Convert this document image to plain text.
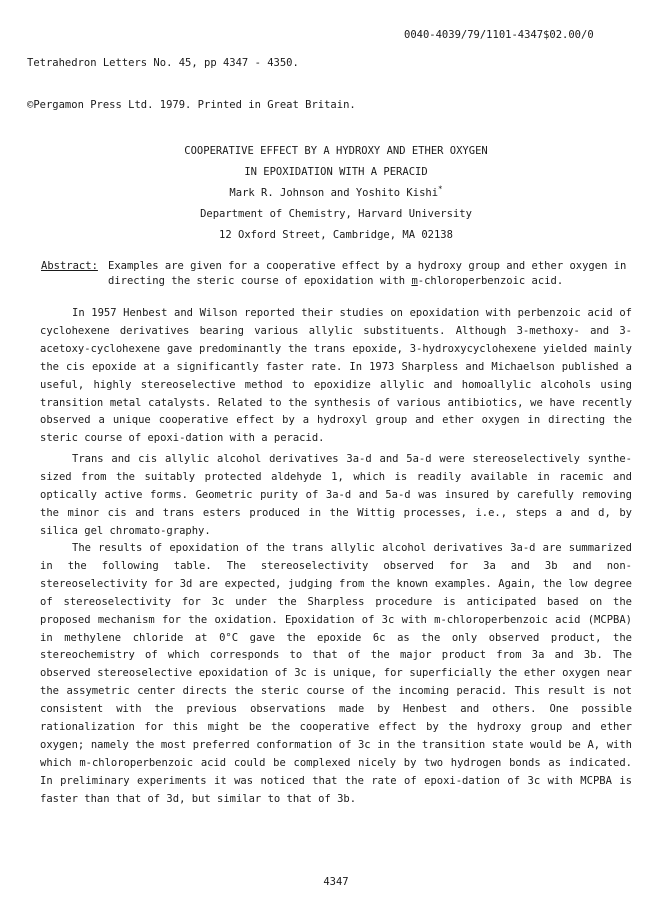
Tetrahedron Letters No. 45, pp 4347 - 4350.

©Pergamon Press Ltd. 1979. Printed in Great Britain.

0040-4039/79/1101-4347$02.00/0
COOPERATIVE EFFECT BY A HYDROXY AND ETHER OXYGEN
IN EPOXIDATION WITH A PERACID
Mark R. Johnson and Yoshito Kishi*
Department of Chemistry, Harvard University
12 Oxford Street, Cambridge, MA 02138
Abstract: Examples are given for a cooperative effect by a hydroxy group and ether oxygen in directing the steric course of epoxidation with m-chloroperbenzoic acid.

In 1957 Henbest and Wilson reported their studies on epoxidation with perbenzoic acid of cyclohexene derivatives bearing various allylic substituents. Although 3-methoxy- and 3-acetoxy-cyclohexene gave predominantly the trans epoxide, 3-hydroxycyclohexene yielded mainly the cis epoxide at a significantly faster rate. In 1973 Sharpless and Michaelson published a useful, highly stereoselective method to epoxidize allylic and homoallylic alcohols using transition metal catalysts. Related to the synthesis of various antibiotics, we have recently observed a unique cooperative effect by a hydroxyl group and ether oxygen in directing the steric course of epoxi-dation with a peracid.

Trans and cis allylic alcohol derivatives 3a-d and 5a-d were stereoselectively synthe-sized from the suitably protected aldehyde 1, which is readily available in racemic and optically active forms. Geometric purity of 3a-d and 5a-d was insured by carefully removing the minor cis and trans esters produced in the Wittig processes, i.e., steps a and d, by silica gel chromato-graphy.

The results of epoxidation of the trans allylic alcohol derivatives 3a-d are summarized in the following table. The stereoselectivity observed for 3a and 3b and non-stereoselectivity for 3d are expected, judging from the known examples. Again, the low degree of stereoselectivity for 3c under the Sharpless procedure is anticipated based on the proposed mechanism for the oxidation. Epoxidation of 3c with m-chloroperbenzoic acid (MCPBA) in methylene chloride at 0°C gave the epoxide 6c as the only observed product, the stereochemistry of which corresponds to that of the major product from 3a and 3b. The observed stereoselective epoxidation of 3c is unique, for superficially the ether oxygen near the assymetric center directs the steric course of the incoming peracid. This result is not consistent with the previous observations made by Henbest and others. One possible rationalization for this might be the cooperative effect by the hydroxy group and ether oxygen; namely the most preferred conformation of 3c in the transition state would be A, with which m-chloroperbenzoic acid could be complexed nicely by two hydrogen bonds as indicated. In preliminary experiments it was noticed that the rate of epoxi-dation of 3c with MCPBA is faster than that of 3d, but similar to that of 3b.

4347
